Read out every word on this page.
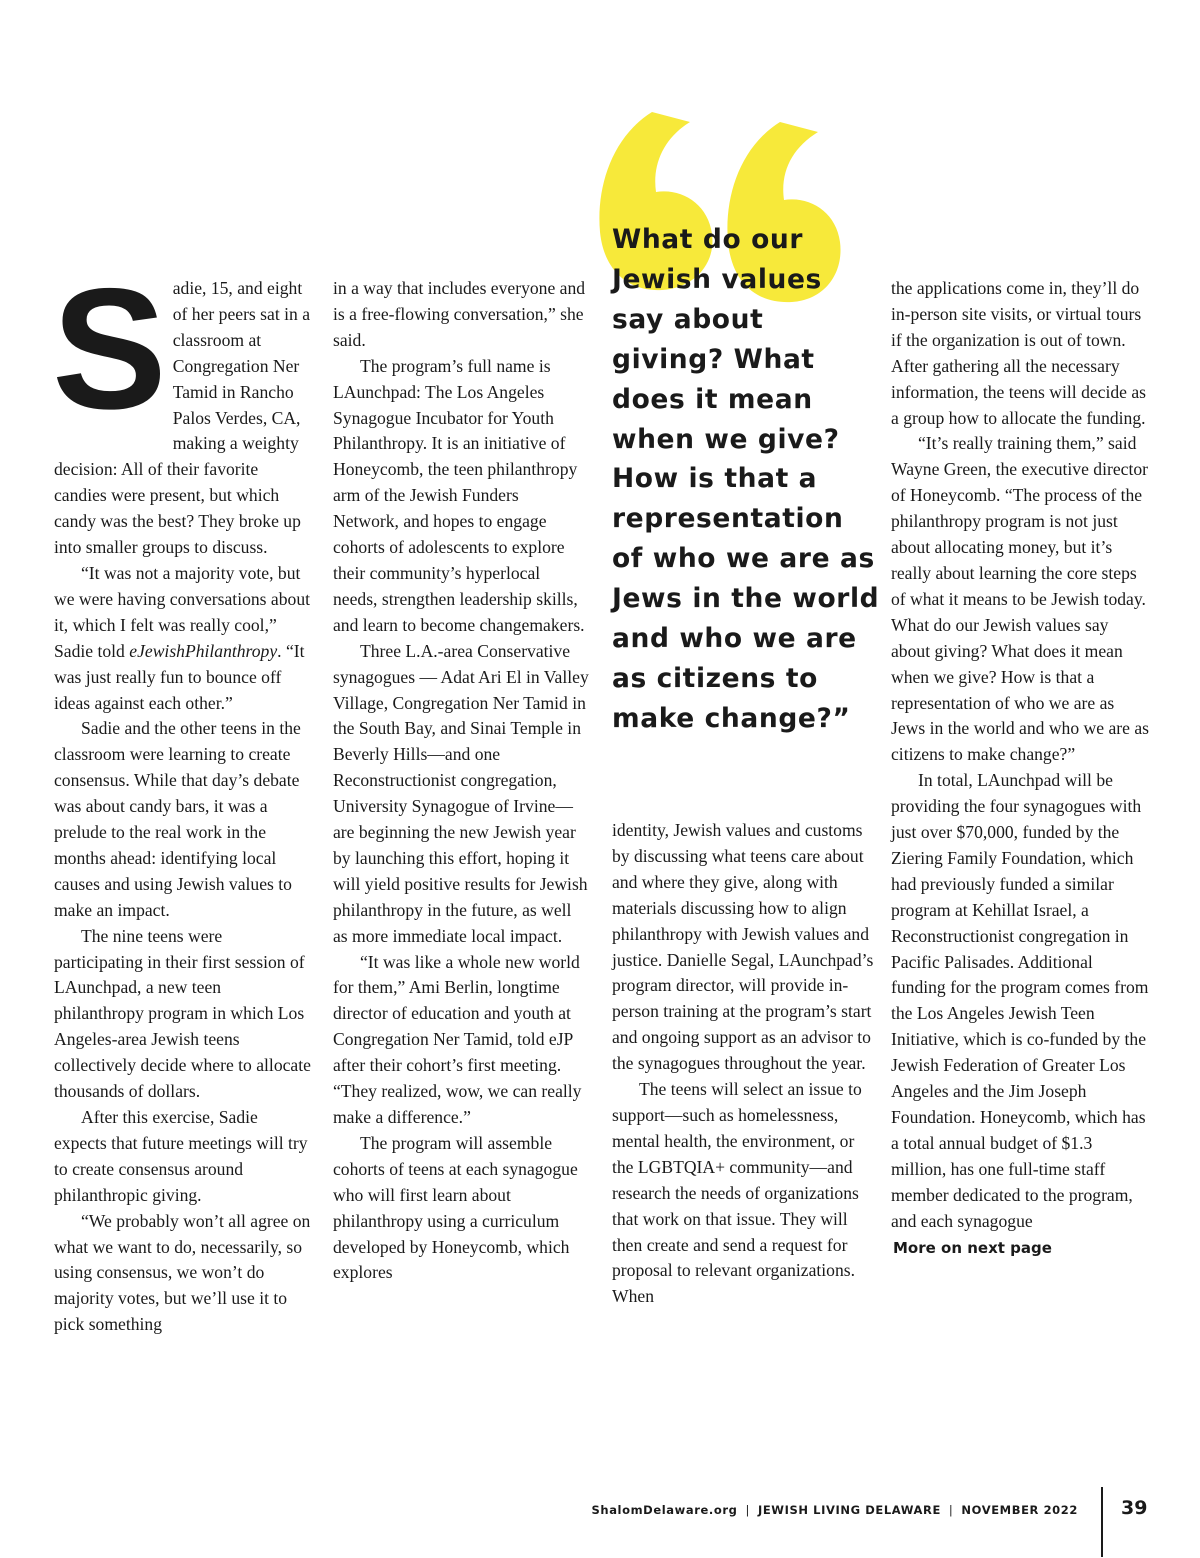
S adie, 15, and eight of her peers sat in a classroom at Congregation Ner Tamid in Rancho Palos Verdes, CA, making a weighty decision: All of their favorite candies were present, but which candy was the best? They broke up into smaller groups to discuss.

“It was not a majority vote, but we were having conversations about it, which I felt was really cool,” Sadie told eJewishPhilanthropy. “It was just really fun to bounce off ideas against each other.”

Sadie and the other teens in the classroom were learning to create consensus. While that day’s debate was about candy bars, it was a prelude to the real work in the months ahead: identifying local causes and using Jewish values to make an impact.

The nine teens were participating in their first session of LAunchpad, a new teen philanthropy program in which Los Angeles-area Jewish teens collectively decide where to allocate thousands of dollars.

After this exercise, Sadie expects that future meetings will try to create consensus around philanthropic giving.

“We probably won’t all agree on what we want to do, necessarily, so using consensus, we won’t do majority votes, but we’ll use it to pick something

in a way that includes everyone and is a free-flowing conversation,” she said.

The program’s full name is LAunchpad: The Los Angeles Synagogue Incubator for Youth Philanthropy. It is an initiative of Honeycomb, the teen philanthropy arm of the Jewish Funders Network, and hopes to engage cohorts of adolescents to explore their community’s hyperlocal needs, strengthen leadership skills, and learn to become changemakers.

Three L.A.-area Conservative synagogues — Adat Ari El in Valley Village, Congregation Ner Tamid in the South Bay, and Sinai Temple in Beverly Hills—and one Reconstructionist congregation, University Synagogue of Irvine—are beginning the new Jewish year by launching this effort, hoping it will yield positive results for Jewish philanthropy in the future, as well as more immediate local impact.

“It was like a whole new world for them,” Ami Berlin, longtime director of education and youth at Congregation Ner Tamid, told eJP after their cohort’s first meeting. “They realized, wow, we can really make a difference.”

The program will assemble cohorts of teens at each synagogue who will first learn about philanthropy using a curriculum developed by Honeycomb, which explores

What do our Jewish values say about giving? What does it mean when we give? How is that a representation of who we are as Jews in the world and who we are as citizens to make change?”

identity, Jewish values and customs by discussing what teens care about and where they give, along with materials discussing how to align philanthropy with Jewish values and justice. Danielle Segal, LAunchpad’s program director, will provide in-person training at the program’s start and ongoing support as an advisor to the synagogues throughout the year.

The teens will select an issue to support—such as homelessness, mental health, the environment, or the LGBTQIA+ community—and research the needs of organizations that work on that issue. They will then create and send a request for proposal to relevant organizations. When

the applications come in, they’ll do in-person site visits, or virtual tours if the organization is out of town. After gathering all the necessary information, the teens will decide as a group how to allocate the funding.

“It’s really training them,” said Wayne Green, the executive director of Honeycomb. “The process of the philanthropy program is not just about allocating money, but it’s really about learning the core steps of what it means to be Jewish today. What do our Jewish values say about giving? What does it mean when we give? How is that a representation of who we are as Jews in the world and who we are as citizens to make change?”

In total, LAunchpad will be providing the four synagogues with just over $70,000, funded by the Ziering Family Foundation, which had previously funded a similar program at Kehillat Israel, a Reconstructionist congregation in Pacific Palisades. Additional funding for the program comes from the Los Angeles Jewish Teen Initiative, which is co-funded by the Jewish Federation of Greater Los Angeles and the Jim Joseph Foundation. Honeycomb, which has a total annual budget of $1.3 million, has one full-time staff member dedicated to the program, and each synagogue

More on next page
ShalomDelaware.org | JEWISH LIVING DELAWARE | NOVEMBER 2022 39
